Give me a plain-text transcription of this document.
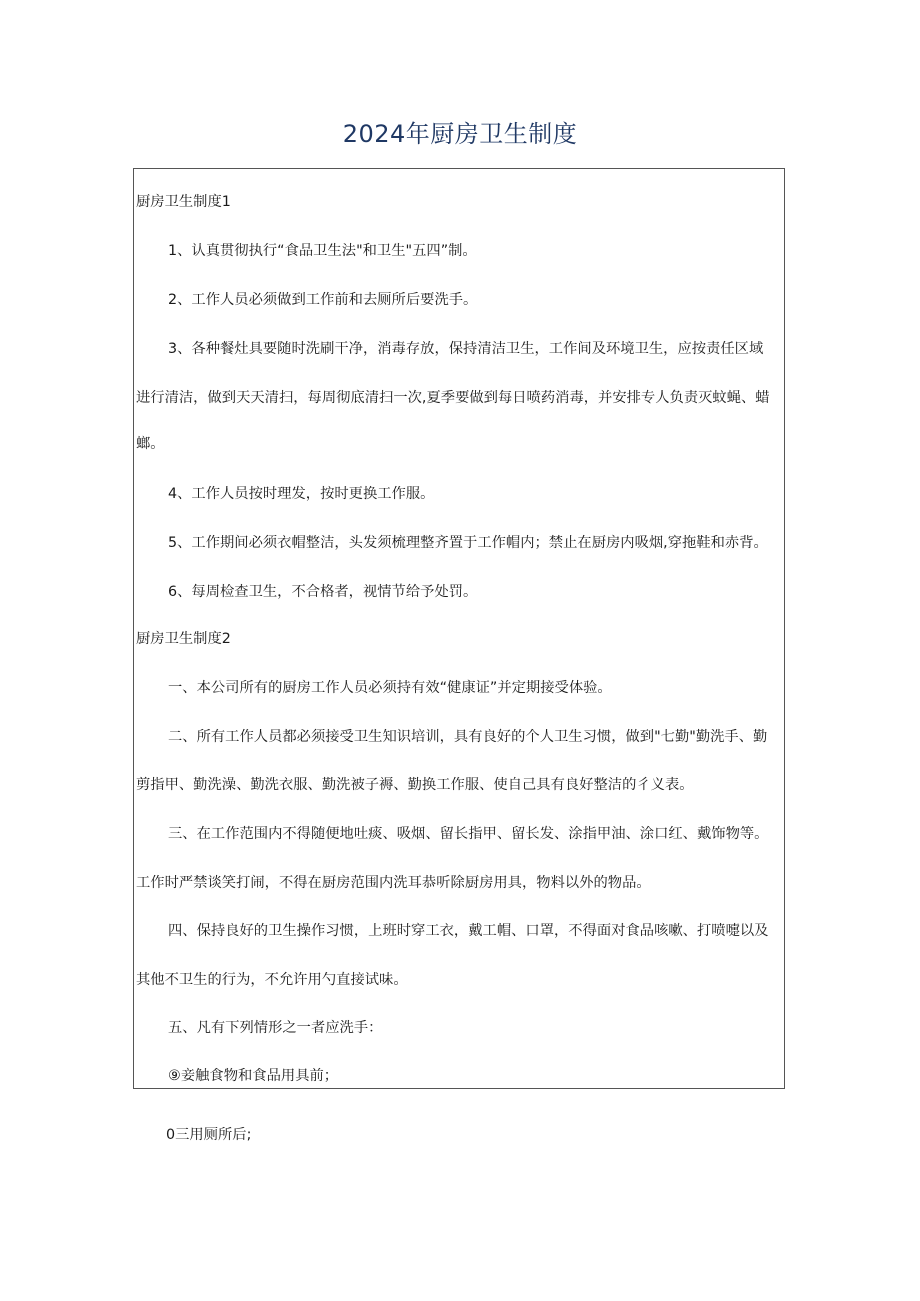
2024年厨房卫生制度

厨房卫生制度1

1、认真贯彻执行“食品卫生法"和卫生"五四”制。

2、工作人员必须做到工作前和去厕所后要洗手。

3、各种餐灶具要随时洗刷干净，消毒存放，保持清洁卫生，工作间及环境卫生，应按责任区域

进行清洁，做到天天清扫，每周彻底清扫一次,夏季要做到每日喷药消毒，并安排专人负责灭蚊蝇、蜡

螂。

4、工作人员按时理发，按时更换工作服。

5、工作期间必须衣帽整洁，头发须梳理整齐置于工作帽内；禁止在厨房内吸烟,穿拖鞋和赤背。

6、每周检查卫生，不合格者，视情节给予处罚。

厨房卫生制度2

一、本公司所有的厨房工作人员必须持有效“健康证”并定期接受体验。

二、所有工作人员都必须接受卫生知识培训，具有良好的个人卫生习惯，做到"七勤"勤洗手、勤

剪指甲、勤洗澡、勤洗衣服、勤洗被子褥、勤换工作服、使自己具有良好整洁的彳义表。

三、在工作范围内不得随便地吐痰、吸烟、留长指甲、留长发、涂指甲油、涂口红、戴饰物等。

工作时严禁谈笑打闹，不得在厨房范围内洗耳恭听除厨房用具，物料以外的物品。

四、保持良好的卫生操作习惯，上班时穿工衣，戴工帽、口罩，不得面对食品咳嗽、打喷嚏以及

其他不卫生的行为，不允许用勺直接试味。

五、凡有下列情形之一者应洗手：

⑨妾触食物和食品用具前；

0三用厕所后;
